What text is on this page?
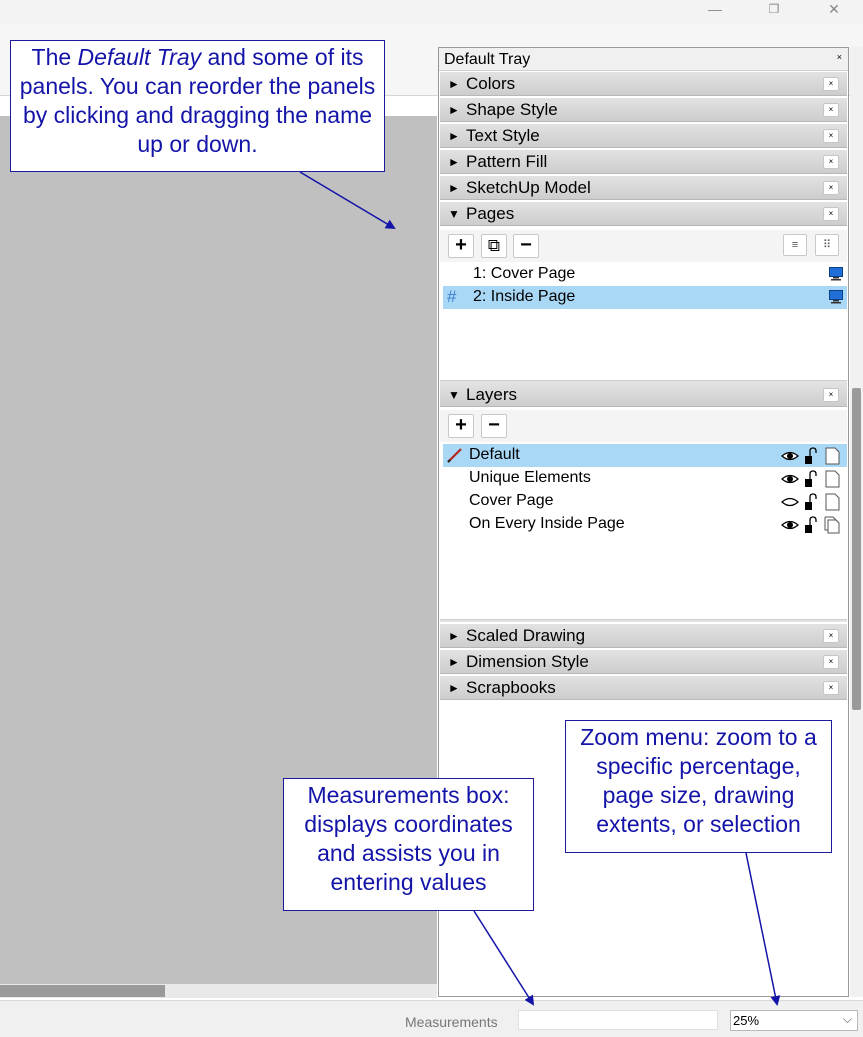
—	❐	✕
Default Tray	×
► Colors	×
► Shape Style	×
► Text Style	×
► Pattern Fill	×
► SketchUp Model	×
▼ Pages	×
+	⧉	−	≡	⠿
1: Cover Page
# 2: Inside Page
▼ Layers	×
+	−
Default
Unique Elements
Cover Page
On Every Inside Page
► Scaled Drawing	×
► Dimension Style	×
► Scrapbooks	×
Measurements	25%	⌵
The Default Tray and some of its panels. You can reorder the panels by clicking and dragging the name up or down.
Measurements box: displays coordinates and assists you in entering values
Zoom menu: zoom to a specific percentage, page size, drawing extents, or selection
